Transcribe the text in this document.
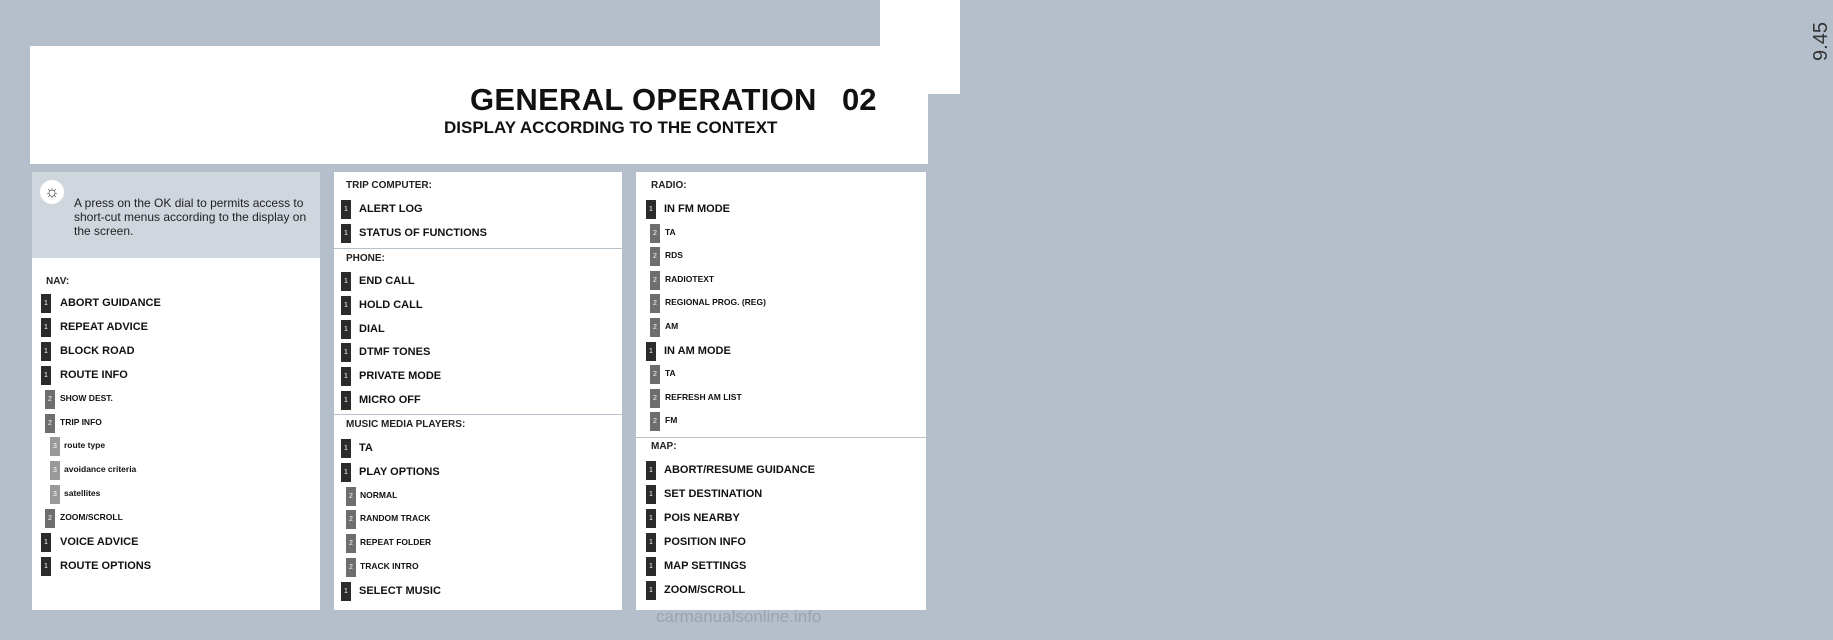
9.45
GENERAL OPERATION 02
DISPLAY ACCORDING TO THE CONTEXT
☼
A press on the OK dial to permits access to short-cut menus according to the display on the screen.
NAV:
1 ABORT GUIDANCE
1 REPEAT ADVICE
1 BLOCK ROAD
1 ROUTE INFO
2 SHOW DEST.
2 TRIP INFO
3 route type
3 avoidance criteria
3 satellites
2 ZOOM/SCROLL
1 VOICE ADVICE
1 ROUTE OPTIONS
TRIP COMPUTER:
1 ALERT LOG
1 STATUS OF FUNCTIONS
PHONE:
1 END CALL
1 HOLD CALL
1 DIAL
1 DTMF TONES
1 PRIVATE MODE
1 MICRO OFF
MUSIC MEDIA PLAYERS:
1 TA
1 PLAY OPTIONS
2 NORMAL
2 RANDOM TRACK
2 REPEAT FOLDER
2 TRACK INTRO
1 SELECT MUSIC
RADIO:
1 IN FM MODE
2 TA
2 RDS
2 RADIOTEXT
2 REGIONAL PROG. (REG)
2 AM
1 IN AM MODE
2 TA
2 REFRESH AM LIST
2 FM
MAP:
1 ABORT/RESUME GUIDANCE
1 SET DESTINATION
1 POIS NEARBY
1 POSITION INFO
1 MAP SETTINGS
1 ZOOM/SCROLL
carmanualsonline.info
